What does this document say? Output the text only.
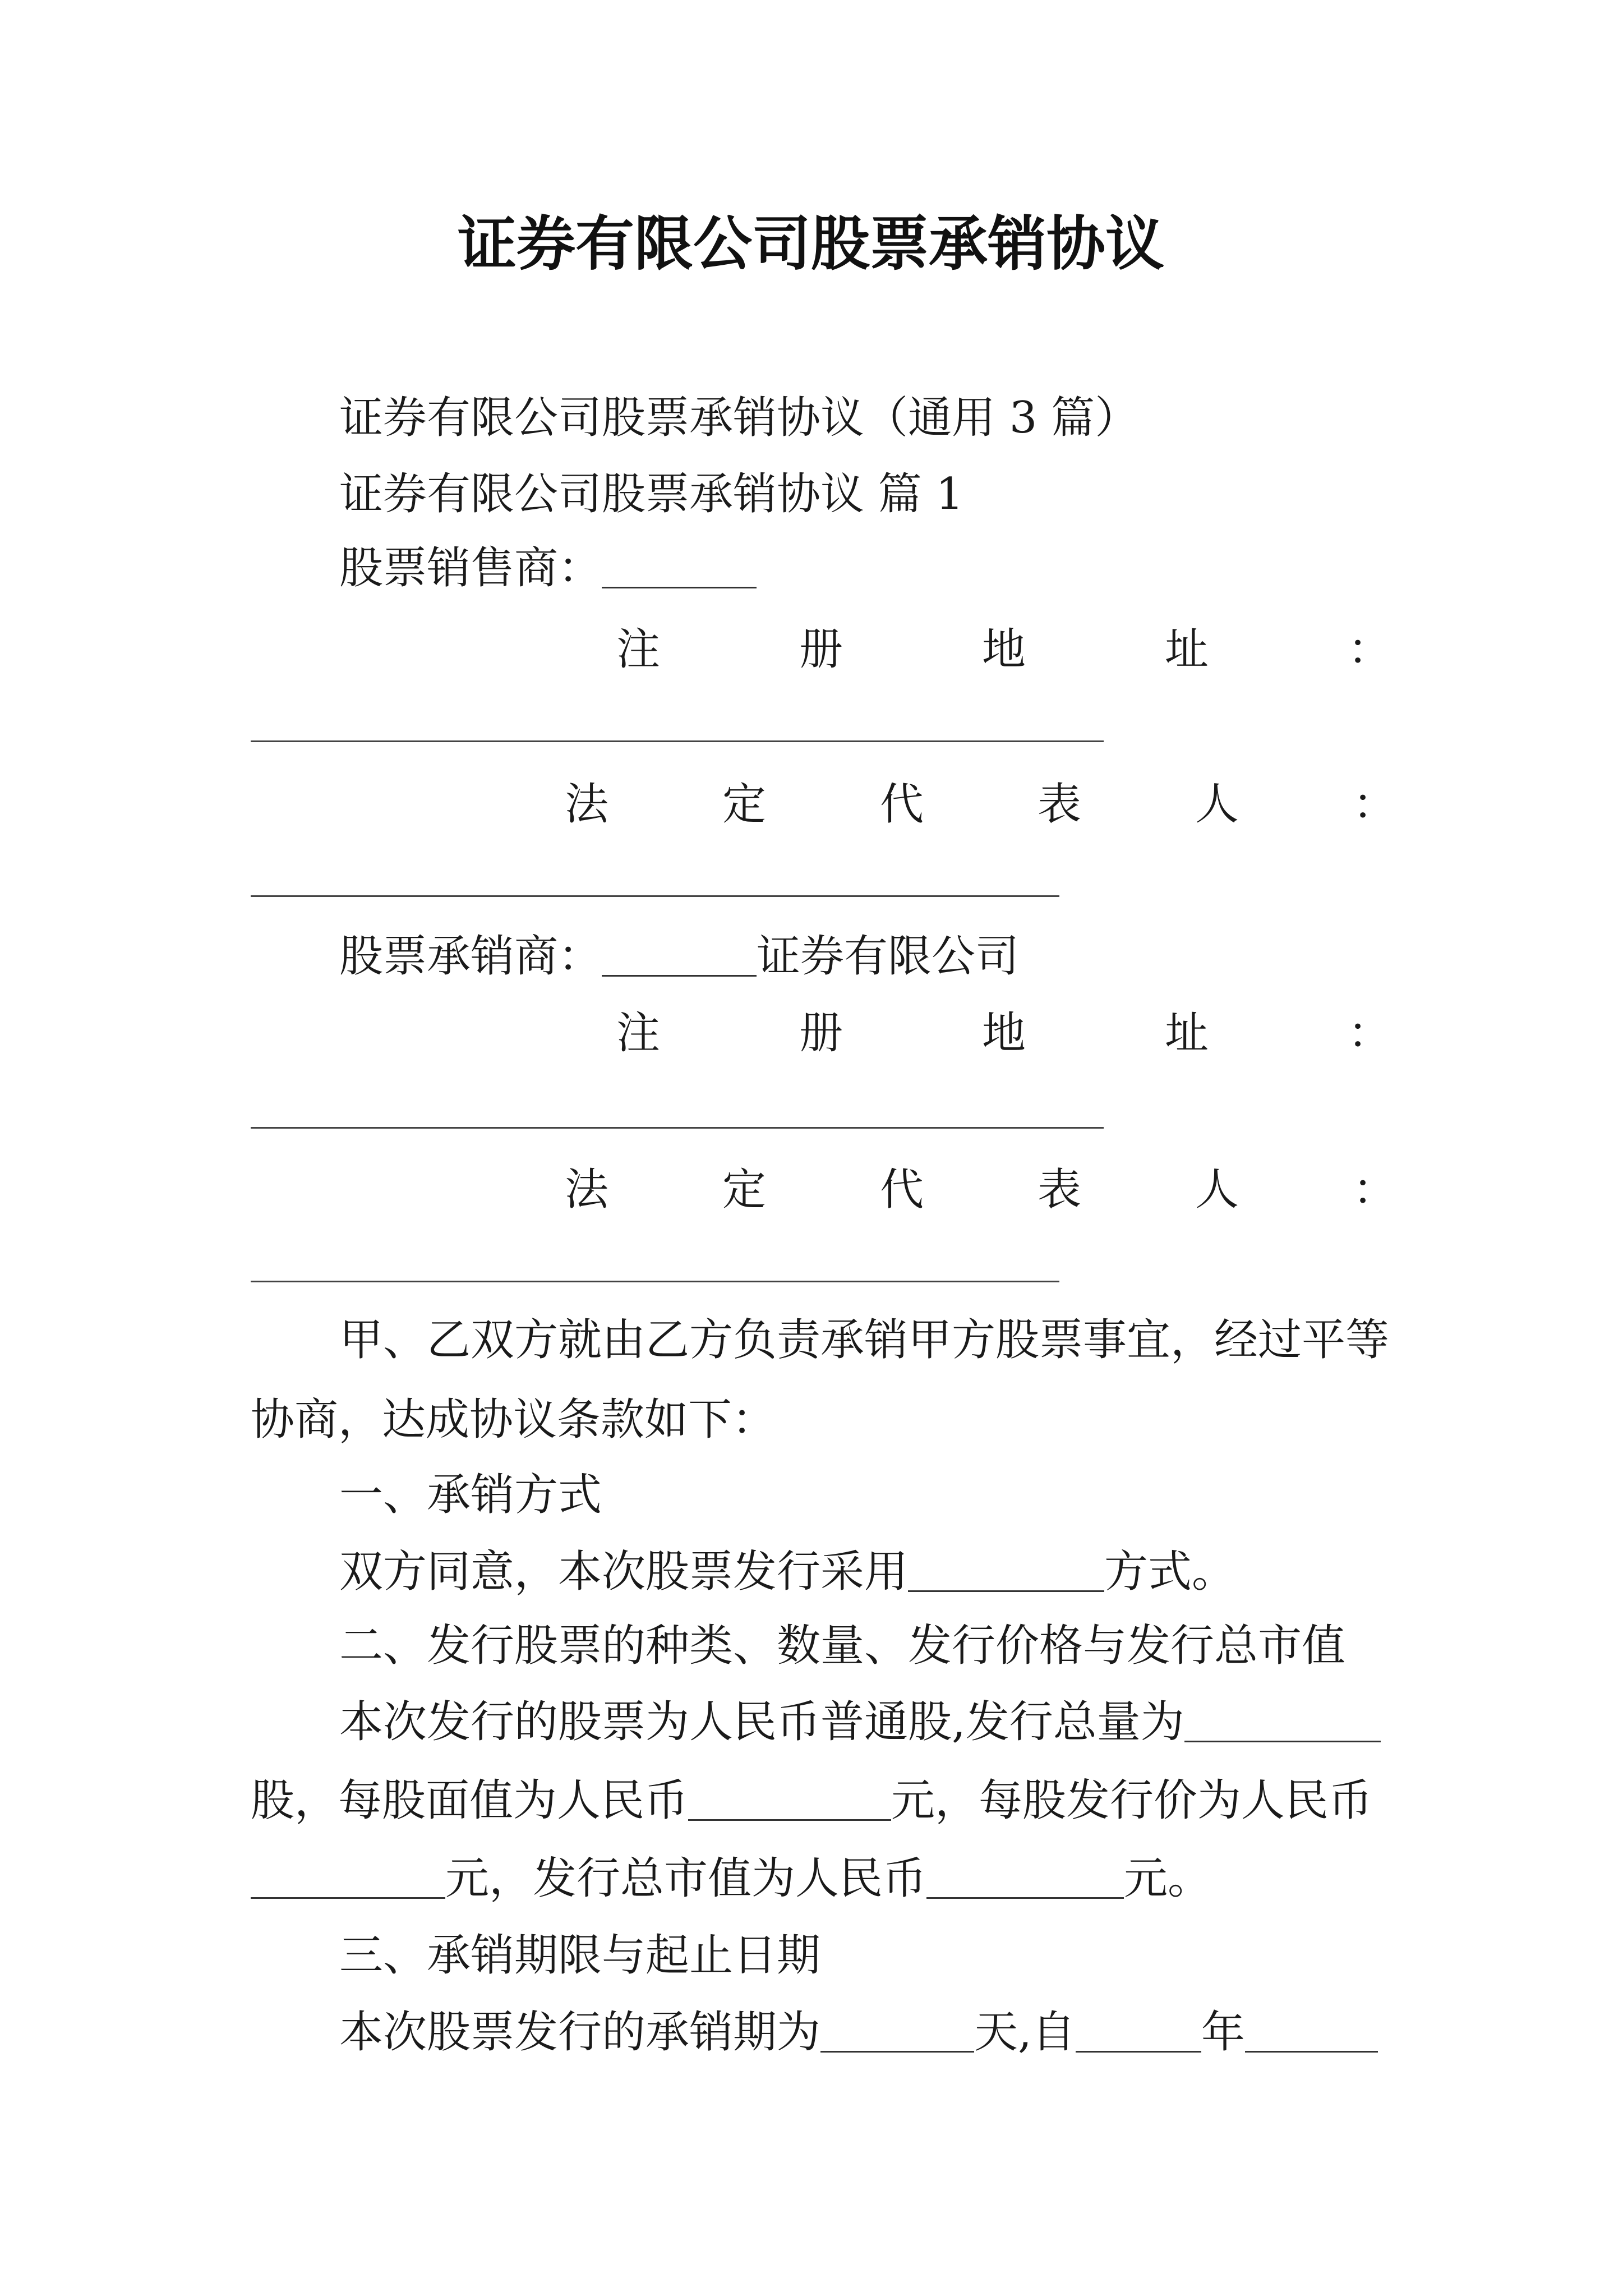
证券有限公司股票承销协议
证券有限公司股票承销协议（通用 3 篇）
证券有限公司股票承销协议 篇 1
股票销售商：
注册地址：
法定代表人：
股票承销商：	证券有限公司
注册地址：
法定代表人：
甲、乙双方就由乙方负责承销甲方股票事宜，经过平等
协商，达成协议条款如下：
一、承销方式
双方同意，本次股票发行采用	方式。
二、发行股票的种类、数量、发行价格与发行总市值
本次发行的股票为人民币普通股,发行总量为
股，每股面值为人民币	元，每股发行价为人民币
元，发行总市值为人民币	元。
三、承销期限与起止日期
本次股票发行的承销期为	天,自	年
